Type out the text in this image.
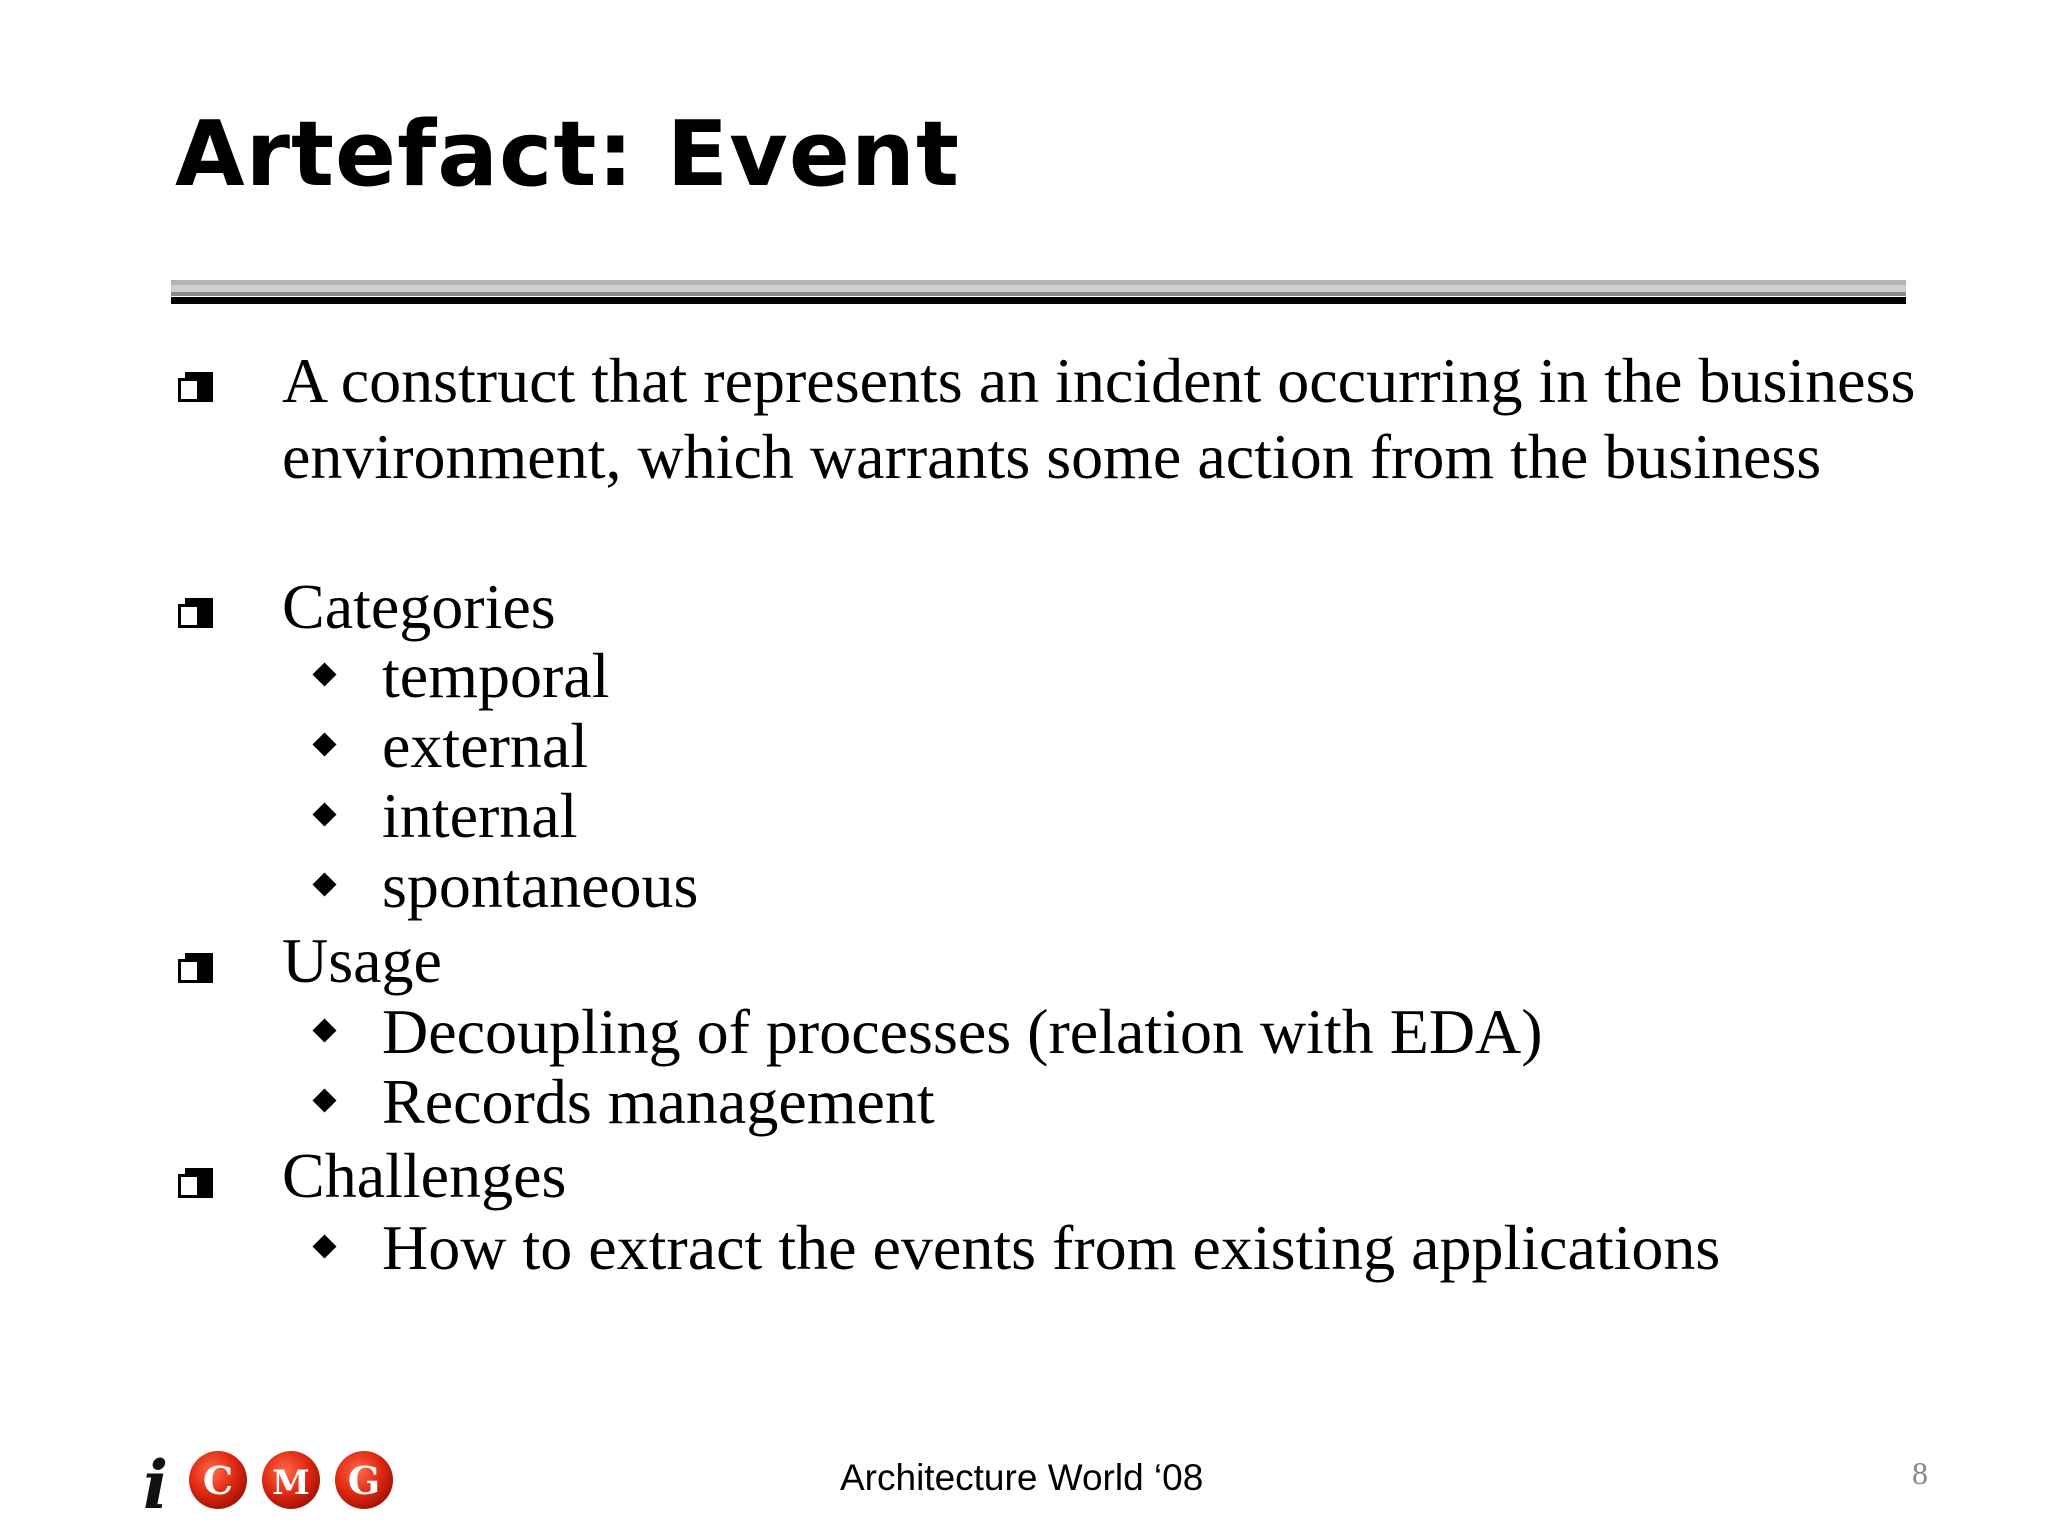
Artefact: Event
A construct that represents an incident occurring in the business environment, which warrants some action from the business
Categories
temporal
external
internal
spontaneous
Usage
Decoupling of processes (relation with EDA)
Records management
Challenges
How to extract the events from existing applications
i C M G	Architecture World ‘08	8
